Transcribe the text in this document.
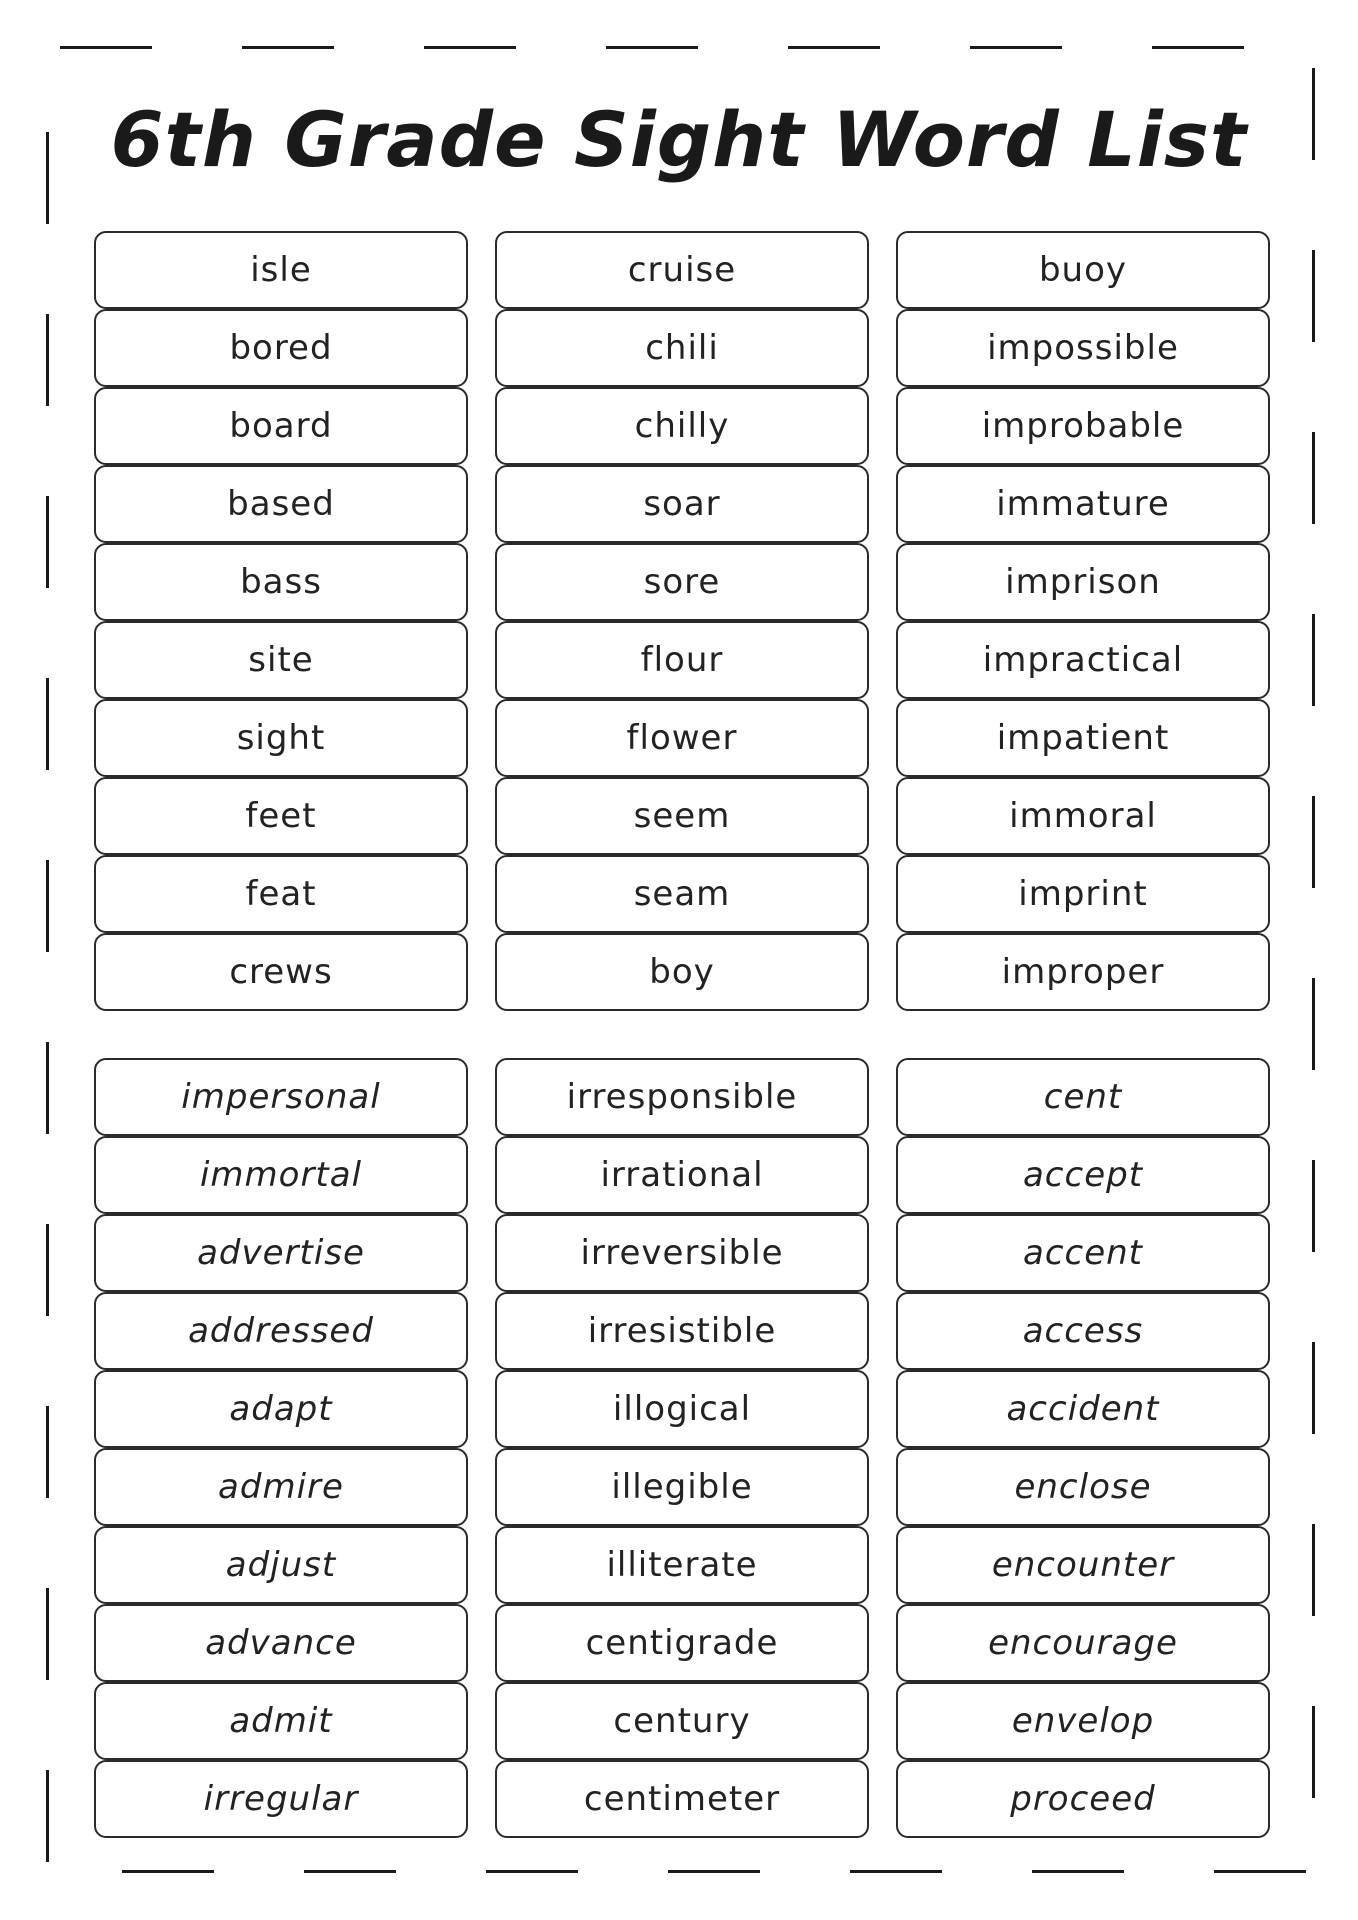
6th Grade Sight Word List
isle
bored
board
based
bass
site
sight
feet
feat
crews
cruise
chili
chilly
soar
sore
flour
flower
seem
seam
boy
buoy
impossible
improbable
immature
imprison
impractical
impatient
immoral
imprint
improper
impersonal
immortal
advertise
addressed
adapt
admire
adjust
advance
admit
irregular
irresponsible
irrational
irreversible
irresistible
illogical
illegible
illiterate
centigrade
century
centimeter
cent
accept
accent
access
accident
enclose
encounter
encourage
envelop
proceed
